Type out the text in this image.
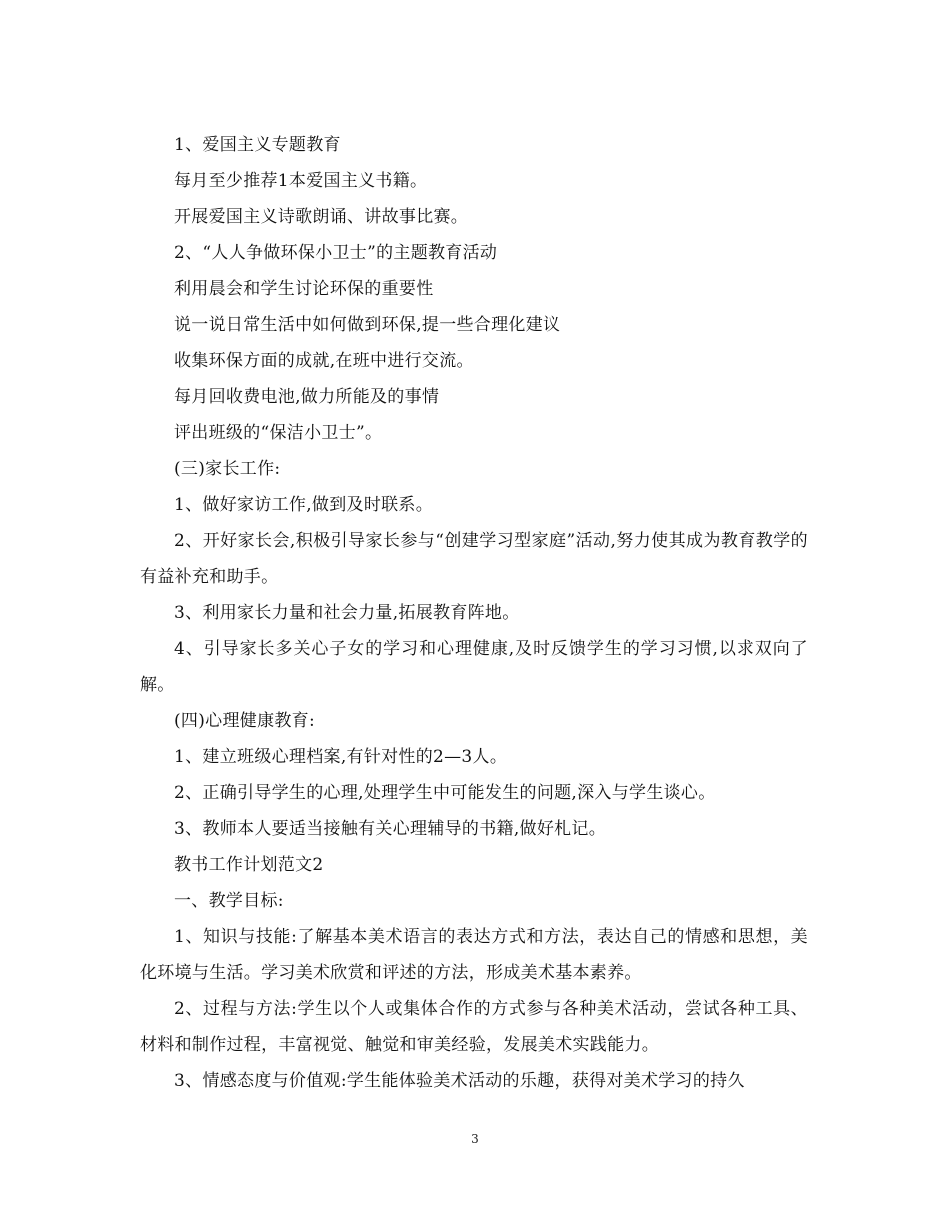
1、爱国主义专题教育

每月至少推荐1本爱国主义书籍。

开展爱国主义诗歌朗诵、讲故事比赛。

2、“人人争做环保小卫士”的主题教育活动

利用晨会和学生讨论环保的重要性

说一说日常生活中如何做到环保,提一些合理化建议

收集环保方面的成就,在班中进行交流。

每月回收费电池,做力所能及的事情

评出班级的“保洁小卫士”。

(三)家长工作:

1、做好家访工作,做到及时联系。

2、开好家长会,积极引导家长参与“创建学习型家庭”活动,努力使其成为教育教学的有益补充和助手。

3、利用家长力量和社会力量,拓展教育阵地。

4、引导家长多关心子女的学习和心理健康,及时反馈学生的学习习惯,以求双向了解。

(四)心理健康教育:

1、建立班级心理档案,有针对性的2—3人。

2、正确引导学生的心理,处理学生中可能发生的问题,深入与学生谈心。

3、教师本人要适当接触有关心理辅导的书籍,做好札记。

教书工作计划范文2

一、教学目标:

1、知识与技能:了解基本美术语言的表达方式和方法，表达自己的情感和思想，美化环境与生活。学习美术欣赏和评述的方法，形成美术基本素养。

2、过程与方法:学生以个人或集体合作的方式参与各种美术活动，尝试各种工具、材料和制作过程，丰富视觉、触觉和审美经验，发展美术实践能力。

3、情感态度与价值观:学生能体验美术活动的乐趣，获得对美术学习的持久

3
